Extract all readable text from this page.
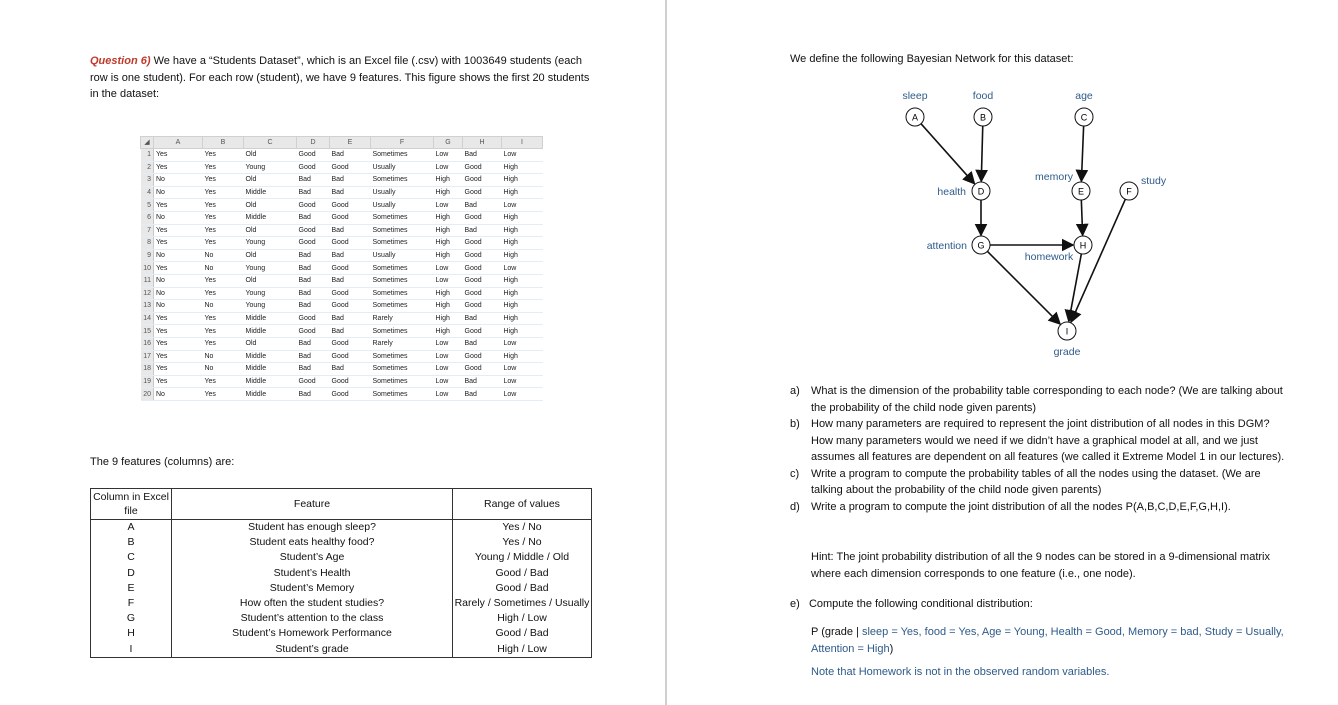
Question 6) We have a “Students Dataset”, which is an Excel file (.csv) with 1003649 students (each row is one student). For each row (student), we have 9 features. This figure shows the first 20 students in the dataset:
◢	A	B	C	D	E	F	G	H	I
1	Yes	Yes	Old	Good	Bad	Sometimes	Low	Bad	Low
2	Yes	Yes	Young	Good	Good	Usually	Low	Good	High
3	No	Yes	Old	Bad	Bad	Sometimes	High	Good	High
4	No	Yes	Middle	Bad	Bad	Usually	High	Good	High
5	Yes	Yes	Old	Good	Good	Usually	Low	Bad	Low
6	No	Yes	Middle	Bad	Good	Sometimes	High	Good	High
7	Yes	Yes	Old	Good	Bad	Sometimes	High	Bad	High
8	Yes	Yes	Young	Good	Good	Sometimes	High	Good	High
9	No	No	Old	Bad	Bad	Usually	High	Good	High
10	Yes	No	Young	Bad	Good	Sometimes	Low	Good	Low
11	No	Yes	Old	Bad	Bad	Sometimes	Low	Good	High
12	No	Yes	Young	Bad	Good	Sometimes	High	Good	High
13	No	No	Young	Bad	Good	Sometimes	High	Good	High
14	Yes	Yes	Middle	Good	Bad	Rarely	High	Bad	High
15	Yes	Yes	Middle	Good	Bad	Sometimes	High	Good	High
16	Yes	Yes	Old	Bad	Good	Rarely	Low	Bad	Low
17	Yes	No	Middle	Bad	Good	Sometimes	Low	Good	High
18	Yes	No	Middle	Bad	Bad	Sometimes	Low	Good	Low
19	Yes	Yes	Middle	Good	Good	Sometimes	Low	Bad	Low
20	No	Yes	Middle	Bad	Good	Sometimes	Low	Bad	Low
The 9 features (columns) are:
Column in Excel file	Feature	Range of values
A	Student has enough sleep?	Yes / No
B	Student eats healthy food?	Yes / No
C	Student’s Age	Young / Middle / Old
D	Student’s Health	Good / Bad
E	Student’s Memory	Good / Bad
F	How often the student studies?	Rarely / Sometimes / Usually
G	Student’s attention to the class	High / Low
H	Student’s Homework Performance	Good / Bad
I	Student’s grade	High / Low
We define the following Bayesian Network for this dataset:
A
sleep
B
food
C
age
D
health	E
memory
F
study
G
attention	H
homework
I
grade
a) What is the dimension of the probability table corresponding to each node? (We are talking about the probability of the child node given parents)
b) How many parameters are required to represent the joint distribution of all nodes in this DGM? How many parameters would we need if we didn’t have a graphical model at all, and we just assumes all features are dependent on all features (we called it Extreme Model 1 in our lectures).
c) Write a program to compute the probability tables of all the nodes using the dataset. (We are talking about the probability of the child node given parents)
d) Write a program to compute the joint distribution of all the nodes P(A,B,C,D,E,F,G,H,I).
Hint: The joint probability distribution of all the 9 nodes can be stored in a 9-dimensional matrix where each dimension corresponds to one feature (i.e., one node).
e) Compute the following conditional distribution:
P (grade | sleep = Yes, food = Yes, Age = Young, Health = Good, Memory = bad, Study = Usually, Attention = High)
Note that Homework is not in the observed random variables.
